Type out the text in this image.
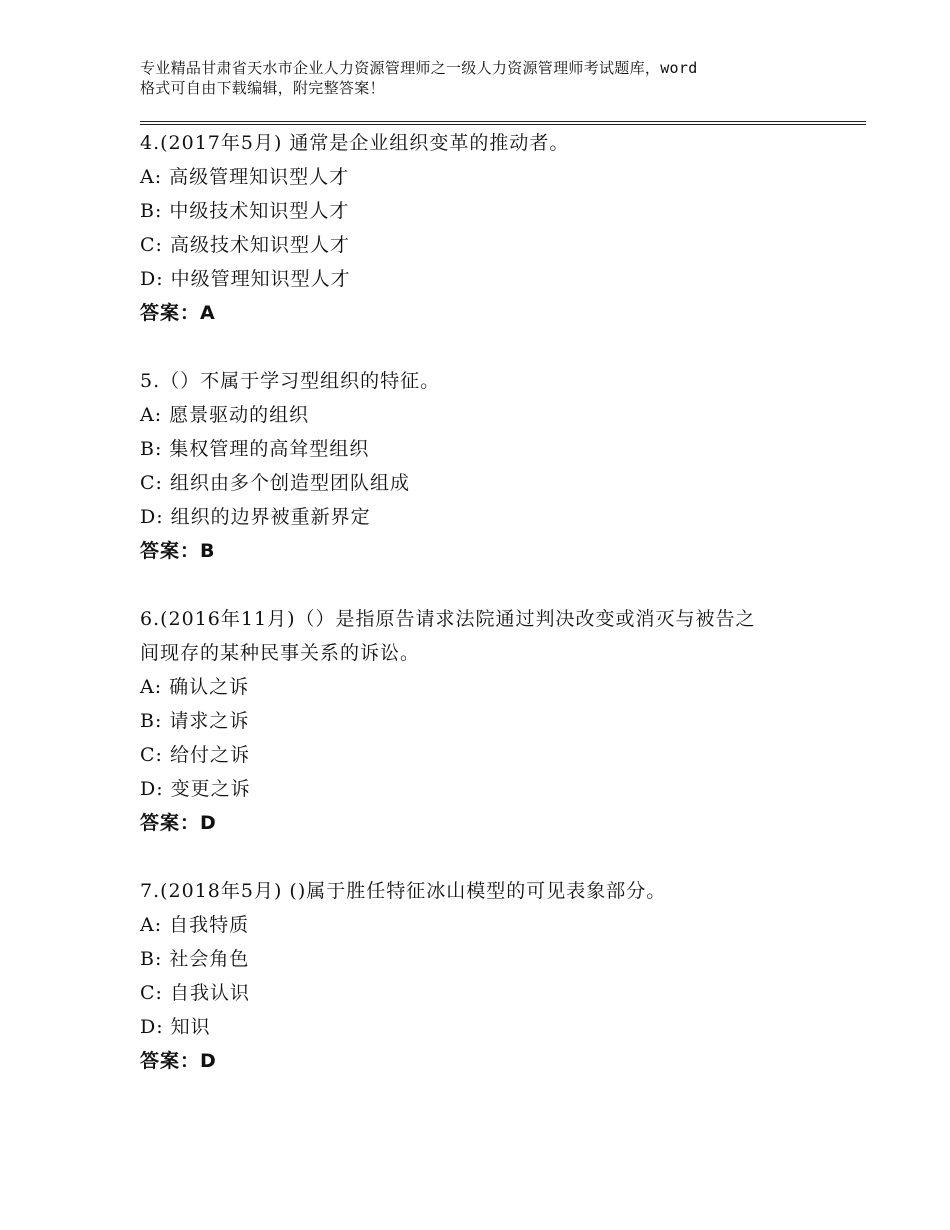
专业精品甘肃省天水市企业人力资源管理师之一级人力资源管理师考试题库，word
格式可自由下载编辑，附完整答案！
4.(2017年5月) 通常是企业组织变革的推动者。
A: 高级管理知识型人才
B: 中级技术知识型人才
C: 高级技术知识型人才
D: 中级管理知识型人才
答案：A
5.（）不属于学习型组织的特征。
A: 愿景驱动的组织
B: 集权管理的高耸型组织
C: 组织由多个创造型团队组成
D: 组织的边界被重新界定
答案：B
6.(2016年11月)（）是指原告请求法院通过判决改变或消灭与被告之
间现存的某种民事关系的诉讼。
A: 确认之诉
B: 请求之诉
C: 给付之诉
D: 变更之诉
答案：D
7.(2018年5月) ()属于胜任特征冰山模型的可见表象部分。
A: 自我特质
B: 社会角色
C: 自我认识
D: 知识
答案：D
